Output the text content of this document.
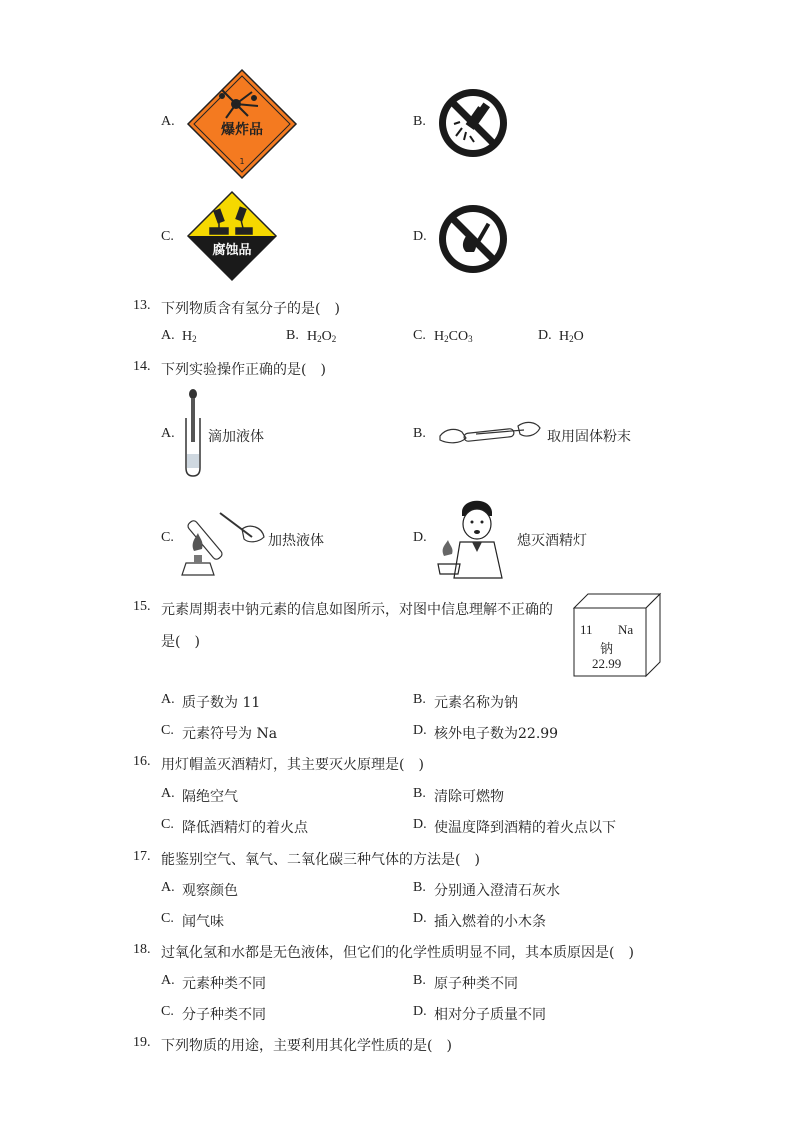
A.
爆炸品
1
B.
C.
腐蚀品
D.
13. 下列物质含有氢分子的是(　)
A. $H_2$	B. $H_2O_2$	C. $H_2CO_3$	D. $H_2O$
14. 下列实验操作正确的是(　)
A. 滴加液体	B.	取用固体粉末
C.	加热液体	D.	熄灭酒精灯
15. 元素周期表中钠元素的信息如图所示，对图中信息理解不正确的
是(　)
11 Na
钠
22.99
A. 质子数为 11	B. 元素名称为钠
C. 元素符号为 Na	D. 核外电子数为22.99
16. 用灯帽盖灭酒精灯，其主要灭火原理是(　)
A. 隔绝空气	B. 清除可燃物
C. 降低酒精灯的着火点	D. 使温度降到酒精的着火点以下
17. 能鉴别空气、氧气、二氧化碳三种气体的方法是(　)
A. 观察颜色	B. 分别通入澄清石灰水
C. 闻气味	D. 插入燃着的小木条
18. 过氧化氢和水都是无色液体，但它们的化学性质明显不同，其本质原因是(　)
A. 元素种类不同	B. 原子种类不同
C. 分子种类不同	D. 相对分子质量不同
19. 下列物质的用途，主要利用其化学性质的是(　)
